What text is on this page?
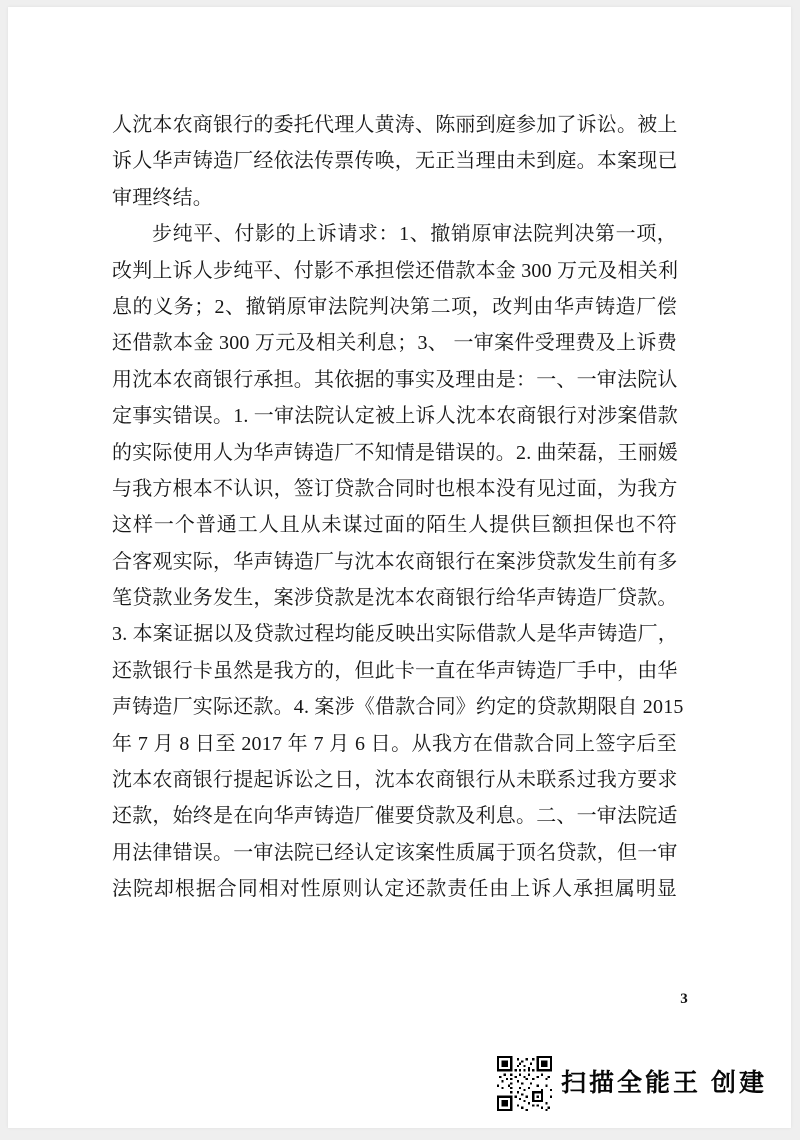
人沈本农商银行的委托代理人黄涛、陈丽到庭参加了诉讼。被上
诉人华声铸造厂经依法传票传唤，无正当理由未到庭。本案现已
审理终结。
步纯平、付影的上诉请求：1、撤销原审法院判决第一项，
改判上诉人步纯平、付影不承担偿还借款本金 300 万元及相关利
息的义务；2、撤销原审法院判决第二项，改判由华声铸造厂偿
还借款本金 300 万元及相关利息；3、 一审案件受理费及上诉费
用沈本农商银行承担。其依据的事实及理由是：一、一审法院认
定事实错误。1. 一审法院认定被上诉人沈本农商银行对涉案借款
的实际使用人为华声铸造厂不知情是错误的。2. 曲荣磊，王丽媛
与我方根本不认识，签订贷款合同时也根本没有见过面，为我方
这样一个普通工人且从未谋过面的陌生人提供巨额担保也不符
合客观实际，华声铸造厂与沈本农商银行在案涉贷款发生前有多
笔贷款业务发生，案涉贷款是沈本农商银行给华声铸造厂贷款。
3. 本案证据以及贷款过程均能反映出实际借款人是华声铸造厂，
还款银行卡虽然是我方的，但此卡一直在华声铸造厂手中，由华
声铸造厂实际还款。4. 案涉《借款合同》约定的贷款期限自 2015
年 7 月 8 日至 2017 年 7 月 6 日。从我方在借款合同上签字后至
沈本农商银行提起诉讼之日，沈本农商银行从未联系过我方要求
还款，始终是在向华声铸造厂催要贷款及利息。二、一审法院适
用法律错误。一审法院已经认定该案性质属于顶名贷款，但一审
法院却根据合同相对性原则认定还款责任由上诉人承担属明显
3
扫描全能王 创建
